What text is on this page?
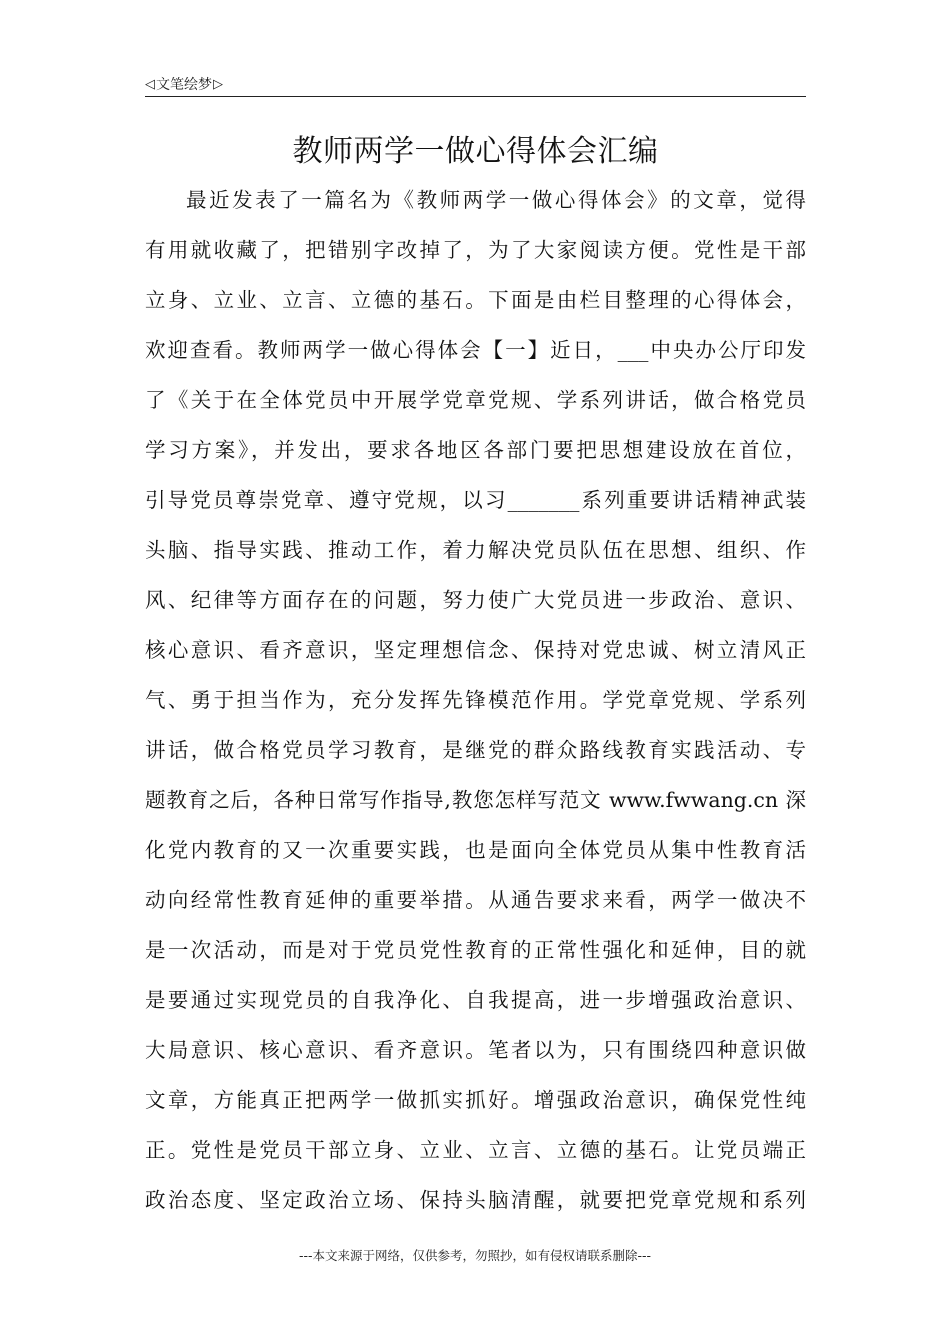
◁ 文笔绘梦 ▷
教师两学一做心得体会汇编
最近发表了一篇名为《教师两学一做心得体会》的文章，觉得
有用就收藏了，把错别字改掉了，为了大家阅读方便。党性是干部
立身、立业、立言、立德的基石。下面是由栏目整理的心得体会，
欢迎查看。教师两学一做心得体会【一】近日，___中央办公厅印发
了《关于在全体党员中开展学党章党规、学系列讲话，做合格党员
学习方案》，并发出，要求各地区各部门要把思想建设放在首位，
引导党员尊崇党章、遵守党规，以习_______系列重要讲话精神武装
头脑、指导实践、推动工作，着力解决党员队伍在思想、组织、作
风、纪律等方面存在的问题，努力使广大党员进一步政治、意识、
核心意识、看齐意识，坚定理想信念、保持对党忠诚、树立清风正
气、勇于担当作为，充分发挥先锋模范作用。学党章党规、学系列
讲话，做合格党员学习教育，是继党的群众路线教育实践活动、专
题教育之后，各种日常写作指导,教您怎样写范文 www.fwwang.cn 深
化党内教育的又一次重要实践，也是面向全体党员从集中性教育活
动向经常性教育延伸的重要举措。从通告要求来看，两学一做决不
是一次活动，而是对于党员党性教育的正常性强化和延伸，目的就
是要通过实现党员的自我净化、自我提高，进一步增强政治意识、
大局意识、核心意识、看齐意识。笔者以为，只有围绕四种意识做
文章，方能真正把两学一做抓实抓好。增强政治意识，确保党性纯
正。党性是党员干部立身、立业、立言、立德的基石。让党员端正
政治态度、坚定政治立场、保持头脑清醒，就要把党章党规和系列
---本文来源于网络，仅供参考，勿照抄，如有侵权请联系删除---
